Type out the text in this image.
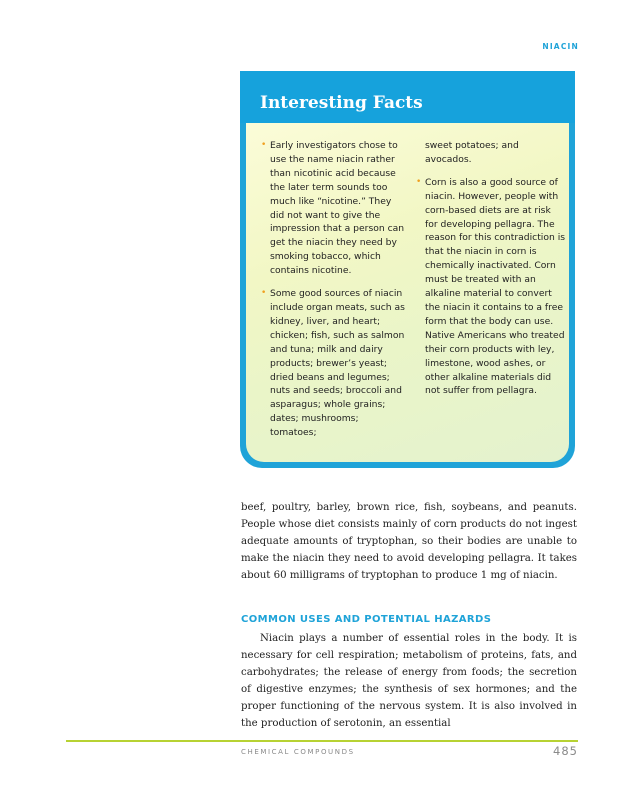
NIACIN
Interesting Facts
• Early investigators chose to use the name niacin rather than nicotinic acid because the later term sounds too much like “nicotine.” They did not want to give the impression that a person can get the niacin they need by smoking tobacco, which contains nicotine.

• Some good sources of niacin include organ meats, such as kidney, liver, and heart; chicken; fish, such as salmon and tuna; milk and dairy products; brewer’s yeast; dried beans and legumes; nuts and seeds; broccoli and asparagus; whole grains; dates; mushrooms; tomatoes;

sweet potatoes; and avocados.

• Corn is also a good source of niacin. However, people with corn-based diets are at risk for developing pellagra. The reason for this contradiction is that the niacin in corn is chemically inactivated. Corn must be treated with an alkaline material to convert the niacin it contains to a free form that the body can use. Native Americans who treated their corn products with ley, limestone, wood ashes, or other alkaline materials did not suffer from pellagra.

beef, poultry, barley, brown rice, fish, soybeans, and peanuts. People whose diet consists mainly of corn products do not ingest adequate amounts of tryptophan, so their bodies are unable to make the niacin they need to avoid developing pellagra. It takes about 60 milligrams of tryptophan to produce 1 mg of niacin.

COMMON USES AND POTENTIAL HAZARDS

Niacin plays a number of essential roles in the body. It is necessary for cell respiration; metabolism of proteins, fats, and carbohydrates; the release of energy from foods; the secretion of digestive enzymes; the synthesis of sex hormones; and the proper functioning of the nervous system. It is also involved in the production of serotonin, an essential

CHEMICAL COMPOUNDS	485
